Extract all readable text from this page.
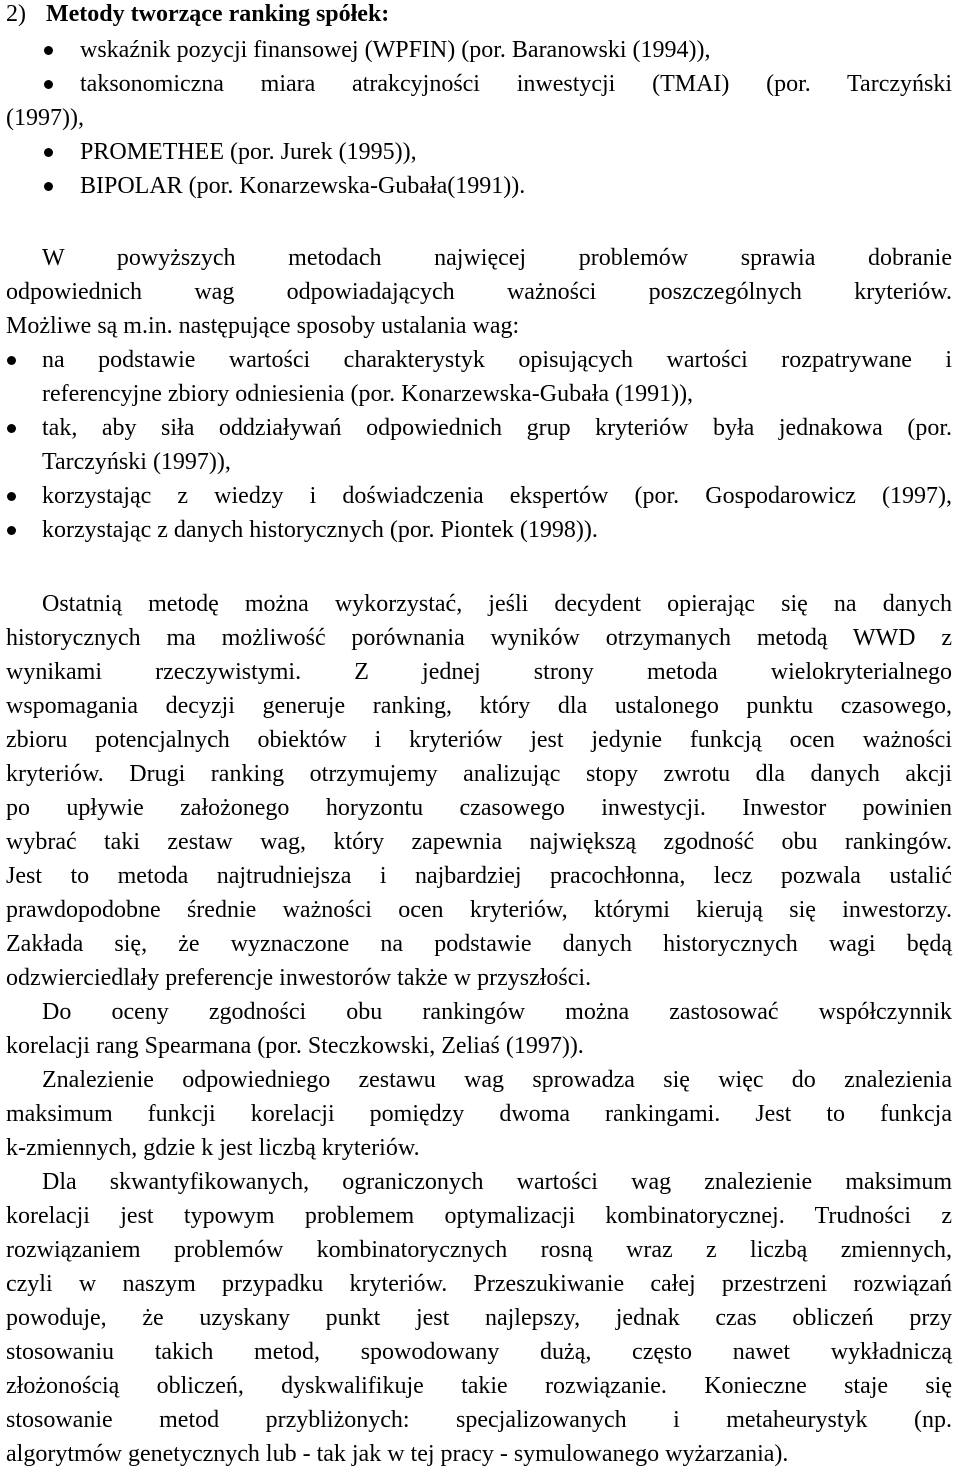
2) Metody tworzące ranking spółek:
wskaźnik pozycji finansowej (WPFIN) (por. Baranowski (1994)),
taksonomiczna miara atrakcyjności inwestycji (TMAI) (por. Tarczyński
(1997)),
PROMETHEE (por. Jurek (1995)),
BIPOLAR (por. Konarzewska-Gubała(1991)).
W powyższych metodach najwięcej problemów sprawia dobranie
odpowiednich wag odpowiadających ważności poszczególnych kryteriów.
Możliwe są m.in. następujące sposoby ustalania wag:
na podstawie wartości charakterystyk opisujących wartości rozpatrywane i
referencyjne zbiory odniesienia (por. Konarzewska-Gubała (1991)),
tak, aby siła oddziaływań odpowiednich grup kryteriów była jednakowa (por.
Tarczyński (1997)),
korzystając z wiedzy i doświadczenia ekspertów (por. Gospodarowicz (1997),
korzystając z danych historycznych (por. Piontek (1998)).
Ostatnią metodę można wykorzystać, jeśli decydent opierając się na danych
historycznych ma możliwość porównania wyników otrzymanych metodą WWD z
wynikami rzeczywistymi. Z jednej strony metoda wielokryterialnego
wspomagania decyzji generuje ranking, który dla ustalonego punktu czasowego,
zbioru potencjalnych obiektów i kryteriów jest jedynie funkcją ocen ważności
kryteriów. Drugi ranking otrzymujemy analizując stopy zwrotu dla danych akcji
po upływie założonego horyzontu czasowego inwestycji. Inwestor powinien
wybrać taki zestaw wag, który zapewnia największą zgodność obu rankingów.
Jest to metoda najtrudniejsza i najbardziej pracochłonna, lecz pozwala ustalić
prawdopodobne średnie ważności ocen kryteriów, którymi kierują się inwestorzy.
Zakłada się, że wyznaczone na podstawie danych historycznych wagi będą
odzwierciedlały preferencje inwestorów także w przyszłości.
Do oceny zgodności obu rankingów można zastosować współczynnik
korelacji rang Spearmana (por. Steczkowski, Zeliaś (1997)).
Znalezienie odpowiedniego zestawu wag sprowadza się więc do znalezienia
maksimum funkcji korelacji pomiędzy dwoma rankingami. Jest to funkcja
k-zmiennych, gdzie k jest liczbą kryteriów.
Dla skwantyfikowanych, ograniczonych wartości wag znalezienie maksimum
korelacji jest typowym problemem optymalizacji kombinatorycznej. Trudności z
rozwiązaniem problemów kombinatorycznych rosną wraz z liczbą zmiennych,
czyli w naszym przypadku kryteriów. Przeszukiwanie całej przestrzeni rozwiązań
powoduje, że uzyskany punkt jest najlepszy, jednak czas obliczeń przy
stosowaniu takich metod, spowodowany dużą, często nawet wykładniczą
złożonością obliczeń, dyskwalifikuje takie rozwiązanie. Konieczne staje się
stosowanie metod przybliżonych: specjalizowanych i metaheurystyk (np.
algorytmów genetycznych lub - tak jak w tej pracy - symulowanego wyżarzania).
